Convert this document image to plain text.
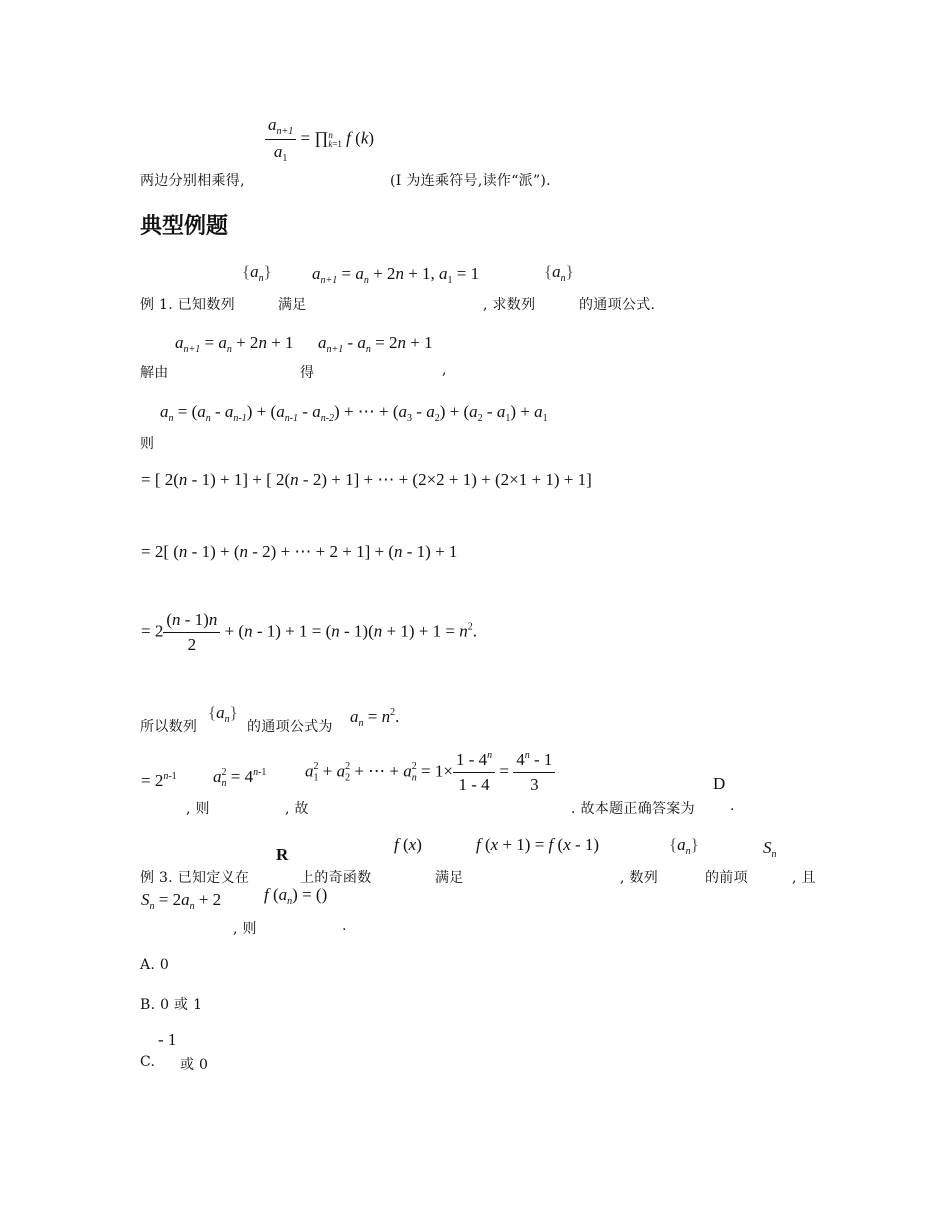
$\frac{a_{n+1}}{a_1}$ = ∏n
k=1 f (k)
两边分别相乘得,	(I 为连乘符号,读作“派”).
典型例题
$\{a_n\} a_{n+1} = a_n + 2n + 1$, $a_1 = 1$	$\{a_n\}$
例 1. 已知数列	满足	, 求数列	的通项公式.
$a_{n+1} = a_n + 2n + 1$ $a_{n+1} - a_n = 2n + 1$
解由	得	,
$a_n = (a_n - a_{n-1}) + (a_{n-1} - a_{n-2})$ + ⋯ + $(a_3 - a_2) + (a_2 - a_1) + a_1$
则
= [ 2(n - 1) + 1] + [ 2(n - 2) + 1] + ⋯ + (2×2 + 1) + (2×1 + 1) + 1]
= 2[ (n - 1) + (n - 2) + ⋯ + 2 + 1] + (n - 1) + 1
= $2 \frac{(n - 1)n}{2} + (n - 1) + 1 = (n - 1)(n + 1) + 1 = n^2$.
所以数列
$\{a_n\}$
的通项公式为
$a_n = n^2$.
= $2^{n-1}$ $a^2_n = 4^{n-1}$ $a_1^2 + a_2^2$ + ⋯ + $a_n^2 = 1\times \frac{1 - 4^n}{1 - 4} = \frac{4^n - 1}{3}$	D
, 则	, 故	. 故本题正确答案为	.
R
f (x)	f (x + 1) = f (x - 1)	$\{a_n\}$	$S_n$
例 3. 已知定义在	上的奇函数	满足	, 数列	的前项	, 且
$S_n = 2a_n + 2$	f $(a_n)$ = ()
, 则	.
A. 0
B. 0 或 1
- 1
C. 或 0
